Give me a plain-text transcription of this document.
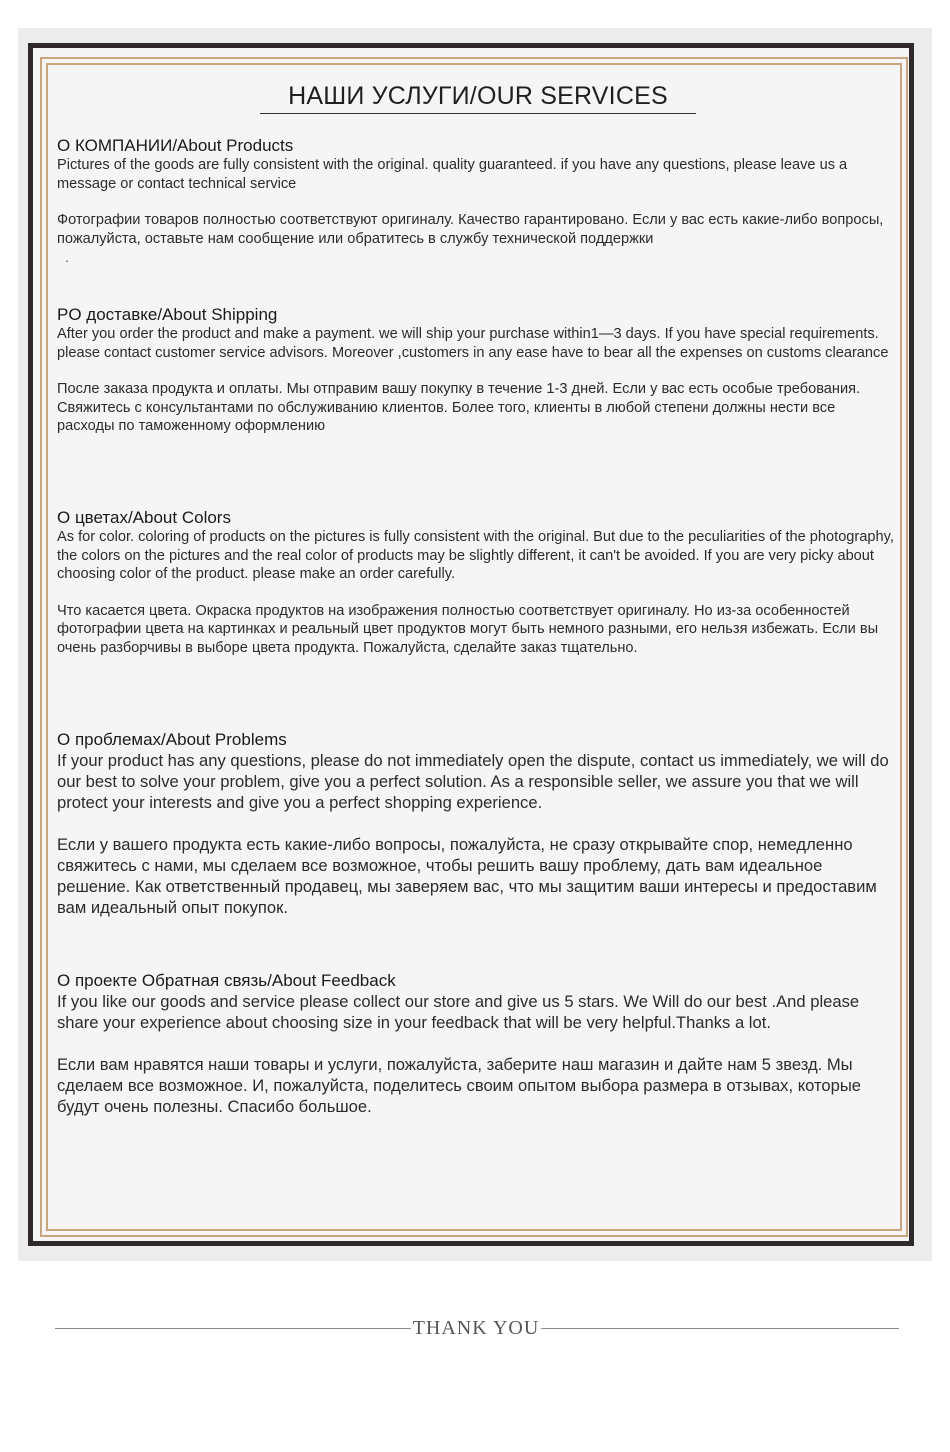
НАШИ УСЛУГИ/OUR SERVICES

О КОМПАНИИ/About Products

Pictures of the goods are fully consistent with the original. quality guaranteed. if you have any questions, please leave us a message or contact technical service

Фотографии товаров полностью соответствуют оригиналу. Качество гарантировано. Если у вас есть какие-либо вопросы, пожалуйста, оставьте нам сообщение или обратитесь в службу технической поддержки

.

PO доставке/About Shipping

After you order the product and make a payment. we will ship your purchase within1—3 days. If you have special requirements. please contact customer service advisors. Moreover ,customers in any ease have to bear all the expenses on customs clearance

После заказа продукта и оплаты. Мы отправим вашу покупку в течение 1-3 дней. Если у вас есть особые требования. Свяжитесь с консультантами по обслуживанию клиентов. Более того, клиенты в любой степени должны нести все расходы по таможенному оформлению

О цветах/About Colors

As for color. coloring of products on the pictures is fully consistent with the original. But due to the peculiarities of the photography, the colors on the pictures and the real color of products may be slightly different, it can't be avoided. If you are very picky about choosing color of the product. please make an order carefully.

Что касается цвета. Окраска продуктов на изображения полностью соответствует оригиналу. Но из-за особенностей фотографии цвета на картинках и реальный цвет продуктов могут быть немного разными, его нельзя избежать. Если вы очень разборчивы в выборе цвета продукта. Пожалуйста, сделайте заказ тщательно.

О проблемах/About Problems

If your product has any questions, please do not immediately open the dispute, contact us immediately, we will do our best to solve your problem, give you a perfect solution. As a responsible seller, we assure you that we will protect your interests and give you a perfect shopping experience.

Если у вашего продукта есть какие-либо вопросы, пожалуйста, не сразу открывайте спор, немедленно свяжитесь с нами, мы сделаем все возможное, чтобы решить вашу проблему, дать вам идеальное решение. Как ответственный продавец, мы заверяем вас, что мы защитим ваши интересы и предоставим вам идеальный опыт покупок.

О проекте Обратная связь/About Feedback

If you like our goods and service please collect our store and give us 5 stars. We Will do our best .And please share your experience about choosing size in your feedback that will be very helpful.Thanks a lot.

Если вам нравятся наши товары и услуги, пожалуйста, заберите наш магазин и дайте нам 5 звезд. Мы сделаем все возможное. И, пожалуйста, поделитесь своим опытом выбора размера в отзывах, которые будут очень полезны. Спасибо большое.

THANK YOU
